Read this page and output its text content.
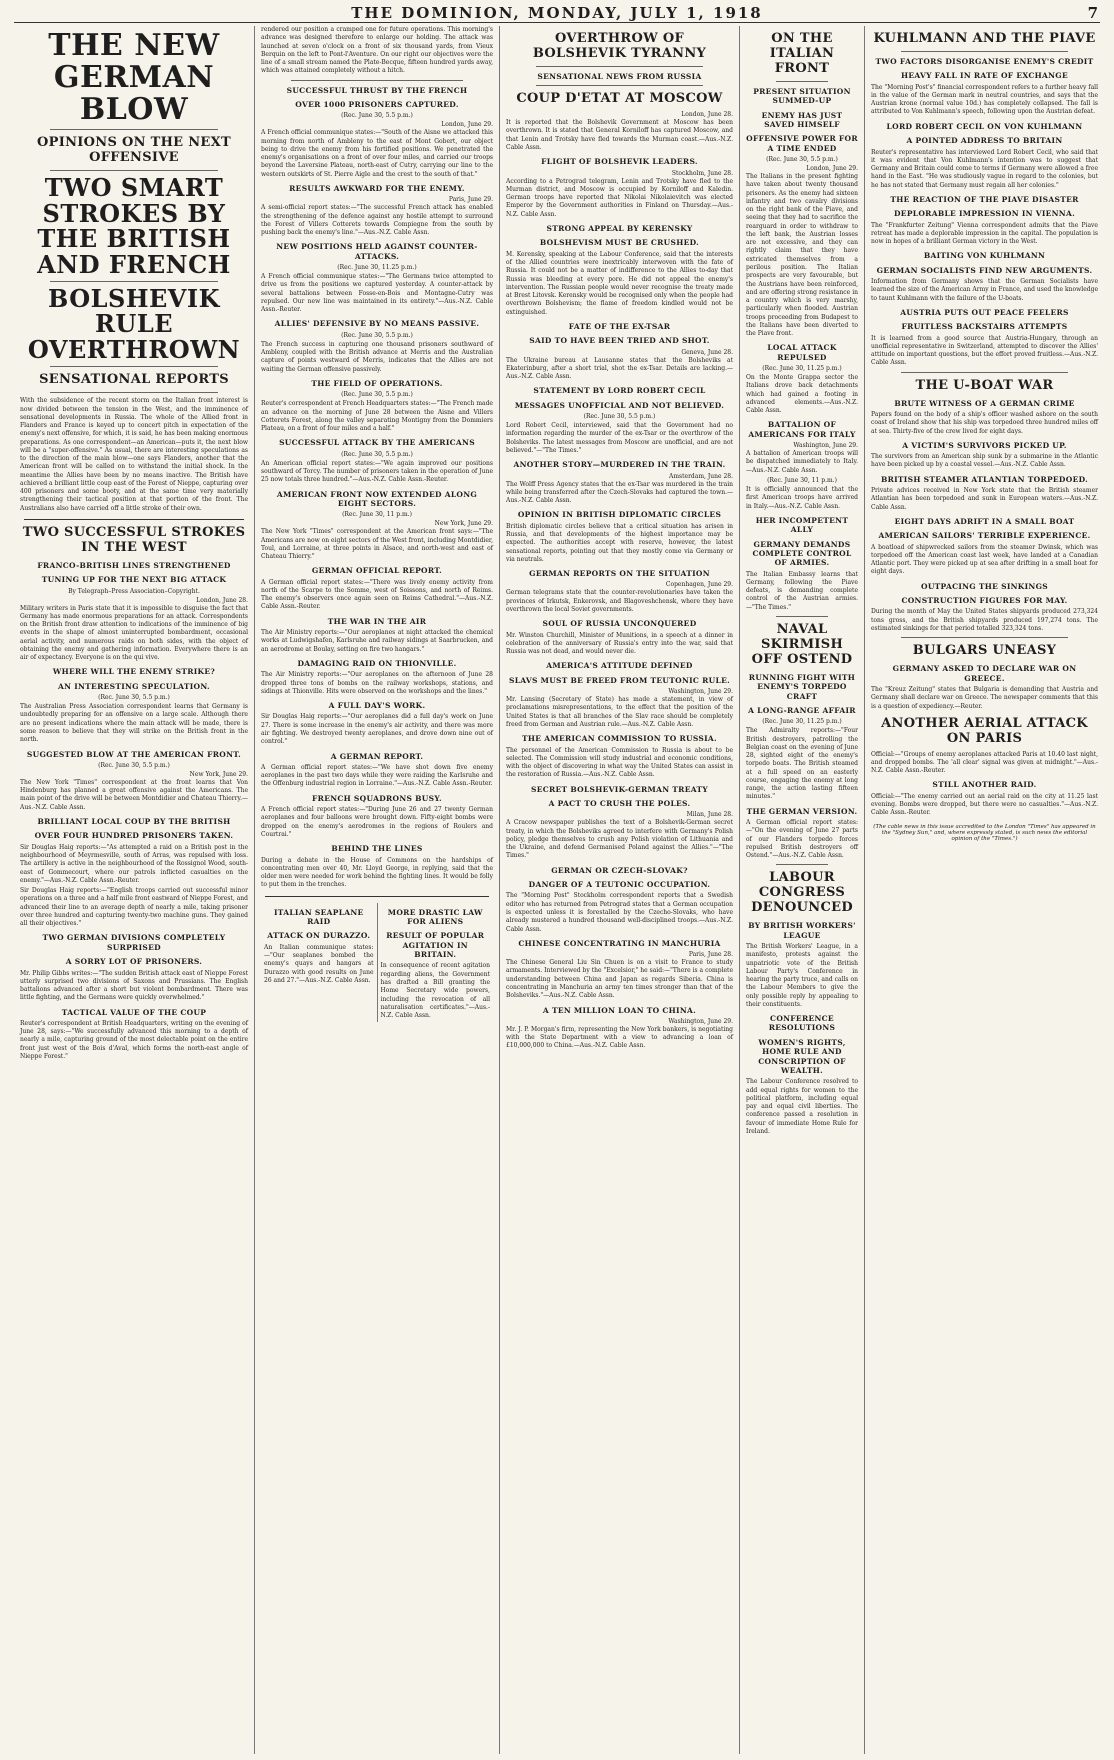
THE DOMINION, MONDAY, JULY 1, 1918	7
THE NEW GERMAN BLOW
OPINIONS ON THE NEXT OFFENSIVE
TWO SMART STROKES BY THE BRITISH AND FRENCH
BOLSHEVIK RULE OVERTHROWN
SENSATIONAL REPORTS

With the subsidence of the recent storm on the Italian front interest is now divided between the tension in the West, and the imminence of sensational developments in Russia. The whole of the Allied front in Flanders and France is keyed up to concert pitch in expectation of the enemy's next offensive, for which, it is said, he has been making enormous preparations. As one correspondent—an American—puts it, the next blow will be a "super-offensive." As usual, there are interesting speculations as to the direction of the main blow—one says Flanders, another that the American front will be called on to withstand the initial shock. In the meantime the Allies have been by no means inactive. The British have achieved a brilliant little coup east of the Forest of Nieppe, capturing over 400 prisoners and some booty, and at the same time very materially strengthening their tactical position at that portion of the front. The Australians also have carried off a little stroke of their own.

TWO SUCCESSFUL STROKES IN THE WEST
FRANCO-BRITISH LINES STRENGTHENED
TUNING UP FOR THE NEXT BIG ATTACK
By Telegraph–Press Association–Copyright.
London, June 28.

Military writers in Paris state that it is impossible to disguise the fact that Germany has made enormous preparations for an attack. Correspondents on the British front draw attention to indications of the imminence of big events in the shape of almost uninterrupted bombardment, occasional aerial activity, and numerous raids on both sides, with the object of obtaining the enemy and gathering information. Everywhere there is an air of expectancy. Everyone is on the qui vive.

WHERE WILL THE ENEMY STRIKE?
AN INTERESTING SPECULATION.
(Rec. June 30, 5.5 p.m.)

The Australian Press Association correspondent learns that Germany is undoubtedly preparing for an offensive on a large scale. Although there are no present indications where the main attack will be made, there is some reason to believe that they will strike on the British front in the north.

SUGGESTED BLOW AT THE AMERICAN FRONT.
(Rec. June 30, 5.5 p.m.)
New York, June 29.

The New York "Times" correspondent at the front learns that Von Hindenburg has planned a great offensive against the Americans. The main point of the drive will be between Montdidier and Chateau Thierry.—Aus.-N.Z. Cable Assn.

BRILLIANT LOCAL COUP BY THE BRITISH
OVER FOUR HUNDRED PRISONERS TAKEN.

Sir Douglas Haig reports:—"As attempted a raid on a British post in the neighbourhood of Meyrmesville, south of Arras, was repulsed with loss. The artillery is active in the neighbourhood of the Rossignol Wood, south-east of Gommecourt, where our patrols inflicted casualties on the enemy."—Aus.-N.Z. Cable Assn.-Reuter.

Sir Douglas Haig reports:—"English troops carried out successful minor operations on a three and a half mile front eastward of Nieppe Forest, and advanced their line to an average depth of nearly a mile, taking prisoner over three hundred and capturing twenty-two machine guns. They gained all their objectives."

TWO GERMAN DIVISIONS COMPLETELY SURPRISED
A SORRY LOT OF PRISONERS.

Mr. Philip Gibbs writes:—"The sudden British attack east of Nieppe Forest utterly surprised two divisions of Saxons and Prussians. The English battalions advanced after a short but violent bombardment. There was little fighting, and the Germans were quickly overwhelmed."

TACTICAL VALUE OF THE COUP

Reuter's correspondent at British Headquarters, writing on the evening of June 28, says:—"We successfully advanced this morning to a depth of nearly a mile, capturing ground of the most delectable point on the entire front just west of the Bois d'Aval, which forms the north-east angle of Nieppe Forest."

rendered our position a cramped one for future operations. This morning's advance was designed therefore to enlarge our holding. The attack was launched at seven o'clock on a front of six thousand yards, from Vieux Berquin on the left to Pont-l'Aventure. On our right our objectives were the line of a small stream named the Plate-Becque, fifteen hundred yards away, which was attained completely without a hitch.

SUCCESSFUL THRUST BY THE FRENCH
OVER 1000 PRISONERS CAPTURED.
(Rec. June 30, 5.5 p.m.)
London, June 29.

A French official communique states:—"South of the Aisne we attacked this morning from north of Ambleny to the east of Mont Gobert, our object being to drive the enemy from his fortified positions. We penetrated the enemy's organisations on a front of over four miles, and carried our troops beyond the Laversine Plateau, north-east of Cutry, carrying our line to the western outskirts of St. Pierre Aigle and the crest to the south of that."

RESULTS AWKWARD FOR THE ENEMY.
Paris, June 29.

A semi-official report states:—"The successful French attack has enabled the strengthening of the defence against any hostile attempt to surround the Forest of Villers Cotterets towards Compiegne from the south by pushing back the enemy's line."—Aus.-N.Z. Cable Assn.

NEW POSITIONS HELD AGAINST COUNTER-ATTACKS.
(Rec. June 30, 11.25 p.m.)

A French official communique states:—"The Germans twice attempted to drive us from the positions we captured yesterday. A counter-attack by several battalions between Fosse-en-Bois and Montagne-Cutry was repulsed. Our new line was maintained in its entirety."—Aus.-N.Z. Cable Assn.-Reuter.

ALLIES' DEFENSIVE BY NO MEANS PASSIVE.
(Rec. June 30, 5.5 p.m.)

The French success in capturing one thousand prisoners southward of Ambleny, coupled with the British advance at Merris and the Australian capture of points westward of Merris, indicates that the Allies are not waiting the German offensive passively.

THE FIELD OF OPERATIONS.
(Rec. June 30, 5.5 p.m.)

Reuter's correspondent at French Headquarters states:—"The French made an advance on the morning of June 28 between the Aisne and Villers Cotterets Forest, along the valley separating Montigny from the Dommiers Plateau, on a front of four miles and a half."

SUCCESSFUL ATTACK BY THE AMERICANS
(Rec. June 30, 5.5 p.m.)

An American official report states:—"We again improved our positions southward of Torcy. The number of prisoners taken in the operation of June 25 now totals three hundred."—Aus.-N.Z. Cable Assn.-Reuter.

AMERICAN FRONT NOW EXTENDED ALONG EIGHT SECTORS.
(Rec. June 30, 11 p.m.)
New York, June 29.

The New York "Times" correspondent at the American front says:—"The Americans are now on eight sectors of the West front, including Montdidier, Toul, and Lorraine, at three points in Alsace, and north-west and east of Chateau Thierry."

GERMAN OFFICIAL REPORT.

A German official report states:—"There was lively enemy activity from north of the Scarpe to the Somme, west of Soissons, and north of Reims. The enemy's observers once again seen on Reims Cathedral."—Aus.-N.Z. Cable Assn.-Reuter.

THE WAR IN THE AIR

The Air Ministry reports:—"Our aeroplanes at night attacked the chemical works at Ludwigshafen, Karlsruhe and railway sidings at Saarbrucken, and an aerodrome at Boulay, setting on fire two hangars."

DAMAGING RAID ON THIONVILLE.

The Air Ministry reports:—"Our aeroplanes on the afternoon of June 28 dropped three tons of bombs on the railway workshops, stations, and sidings at Thionville. Hits were observed on the workshops and the lines."

A FULL DAY'S WORK.

Sir Douglas Haig reports:—"Our aeroplanes did a full day's work on June 27. There is some increase in the enemy's air activity, and there was more air fighting. We destroyed twenty aeroplanes, and drove down nine out of control."

A GERMAN REPORT.

A German official report states:—"We have shot down five enemy aeroplanes in the past two days while they were raiding the Karlsruhe and the Offenburg industrial region in Lorraine."—Aus.-N.Z. Cable Assn.-Reuter.

FRENCH SQUADRONS BUSY.

A French official report states:—"During June 26 and 27 twenty German aeroplanes and four balloons were brought down. Fifty-eight bombs were dropped on the enemy's aerodromes in the regions of Roulers and Courtrai."

BEHIND THE LINES

During a debate in the House of Commons on the hardships of concentrating men over 40, Mr. Lloyd George, in replying, said that the older men were needed for work behind the fighting lines. It would be folly to put them in the trenches.

ITALIAN SEAPLANE RAID
ATTACK ON DURAZZO.

An Italian communique states:—"Our seaplanes bombed the enemy's quays and hangars at Durazzo with good results on June 26 and 27."—Aus.-N.Z. Cable Assn.

MORE DRASTIC LAW FOR ALIENS
RESULT OF POPULAR AGITATION IN BRITAIN.

In consequence of recent agitation regarding aliens, the Government has drafted a Bill granting the Home Secretary wide powers, including the revocation of all naturalisation certificates."—Aus.-N.Z. Cable Assn.

OVERTHROW OF BOLSHEVIK TYRANNY
SENSATIONAL NEWS FROM RUSSIA
COUP D'ETAT AT MOSCOW
London, June 28.

It is reported that the Bolshevik Government at Moscow has been overthrown. It is stated that General Korniloff has captured Moscow, and that Lenin and Trotsky have fled towards the Murman coast.—Aus.-N.Z. Cable Assn.

FLIGHT OF BOLSHEVIK LEADERS.
Stockholm, June 28.

According to a Petrograd telegram, Lenin and Trotsky have fled to the Murman district, and Moscow is occupied by Korniloff and Kaledin. German troops have reported that Nikolai Nikolaievitch was elected Emperor by the Government authorities in Finland on Thursday.—Aus.-N.Z. Cable Assn.

STRONG APPEAL BY KERENSKY
BOLSHEVISM MUST BE CRUSHED.

M. Kerensky, speaking at the Labour Conference, said that the interests of the Allied countries were inextricably interwoven with the fate of Russia. It could not be a matter of indifference to the Allies to-day that Russia was bleeding at every pore. He did not appeal the enemy's intervention. The Russian people would never recognise the treaty made at Brest Litovsk. Kerensky would be recognised only when the people had overthrown Bolshevism; the flame of freedom kindled would not be extinguished.

FATE OF THE EX-TSAR
SAID TO HAVE BEEN TRIED AND SHOT.
Geneva, June 28.

The Ukraine bureau at Lausanne states that the Bolsheviks at Ekaterinburg, after a short trial, shot the ex-Tsar. Details are lacking.—Aus.-N.Z. Cable Assn.

STATEMENT BY LORD ROBERT CECIL
MESSAGES UNOFFICIAL AND NOT BELIEVED.
(Rec. June 30, 5.5 p.m.)

Lord Robert Cecil, interviewed, said that the Government had no information regarding the murder of the ex-Tsar or the overthrow of the Bolsheviks. The latest messages from Moscow are unofficial, and are not believed."—"The Times."

ANOTHER STORY—MURDERED IN THE TRAIN.
Amsterdam, June 28.

The Wolff Press Agency states that the ex-Tsar was murdered in the train while being transferred after the Czech-Slovaks had captured the town.—Aus.-N.Z. Cable Assn.

OPINION IN BRITISH DIPLOMATIC CIRCLES

British diplomatic circles believe that a critical situation has arisen in Russia, and that developments of the highest importance may be expected. The authorities accept with reserve, however, the latest sensational reports, pointing out that they mostly come via Germany or via neutrals.

GERMAN REPORTS ON THE SITUATION
Copenhagen, June 29.

German telegrams state that the counter-revolutionaries have taken the provinces of Irkutsk, Enkerovsk, and Blagoveshchensk, where they have overthrown the local Soviet governments.

SOUL OF RUSSIA UNCONQUERED

Mr. Winston Churchill, Minister of Munitions, in a speech at a dinner in celebration of the anniversary of Russia's entry into the war, said that Russia was not dead, and would never die.

AMERICA'S ATTITUDE DEFINED
SLAVS MUST BE FREED FROM TEUTONIC RULE.
Washington, June 29.

Mr. Lansing (Secretary of State) has made a statement, in view of proclamations misrepresentations, to the effect that the position of the United States is that all branches of the Slav race should be completely freed from German and Austrian rule.—Aus.-N.Z. Cable Assn.

THE AMERICAN COMMISSION TO RUSSIA.

The personnel of the American Commission to Russia is about to be selected. The Commission will study industrial and economic conditions, with the object of discovering in what way the United States can assist in the restoration of Russia.—Aus.-N.Z. Cable Assn.

SECRET BOLSHEVIK-GERMAN TREATY
A PACT TO CRUSH THE POLES.
Milan, June 28.

A Cracow newspaper publishes the text of a Bolshevik-German secret treaty, in which the Bolsheviks agreed to interfere with Germany's Polish policy, pledge themselves to crush any Polish violation of Lithuania and the Ukraine, and defend Germanised Poland against the Allies."—"The Times."

GERMAN OR CZECH-SLOVAK?
DANGER OF A TEUTONIC OCCUPATION.

The "Morning Post" Stockholm correspondent reports that a Swedish editor who has returned from Petrograd states that a German occupation is expected unless it is forestalled by the Czecho-Slovaks, who have already mustered a hundred thousand well-disciplined troops.—Aus.-N.Z. Cable Assn.

CHINESE CONCENTRATING IN MANCHURIA
Paris, June 28.

The Chinese General Liu Sin Chuen is on a visit to France to study armaments. Interviewed by the "Excelsior," he said:—"There is a complete understanding between China and Japan as regards Siberia. China is concentrating in Manchuria an army ten times stronger than that of the Bolsheviks."—Aus.-N.Z. Cable Assn.

A TEN MILLION LOAN TO CHINA.
Washington, June 29.

Mr. J. P. Morgan's firm, representing the New York bankers, is negotiating with the State Department with a view to advancing a loan of £10,000,000 to China.—Aus.-N.Z. Cable Assn.

ON THE ITALIAN FRONT
PRESENT SITUATION SUMMED-UP
ENEMY HAS JUST SAVED HIMSELF
OFFENSIVE POWER FOR A TIME ENDED
(Rec. June 30, 5.5 p.m.)
London, June 29.

The Italians in the present fighting have taken about twenty thousand prisoners. As the enemy had sixteen infantry and two cavalry divisions on the right bank of the Piave, and seeing that they had to sacrifice the rearguard in order to withdraw to the left bank, the Austrian losses are not excessive, and they can rightly claim that they have extricated themselves from a perilous position. The Italian prospects are very favourable, but the Austrians have been reinforced, and are offering strong resistance in a country which is very marshy, particularly when flooded. Austrian troops proceeding from Budapest to the Italians have been diverted to the Piave front.

LOCAL ATTACK REPULSED
(Rec. June 30, 11.25 p.m.)

On the Monte Grappa sector the Italians drove back detachments which had gained a footing in advanced elements.—Aus.-N.Z. Cable Assn.

BATTALION OF AMERICANS FOR ITALY
Washington, June 29.

A battalion of American troops will be dispatched immediately to Italy.—Aus.-N.Z. Cable Assn.

(Rec. June 30, 11 p.m.)

It is officially announced that the first American troops have arrived in Italy.—Aus.-N.Z. Cable Assn.

HER INCOMPETENT ALLY
GERMANY DEMANDS COMPLETE CONTROL OF ARMIES.

The Italian Embassy learns that Germany, following the Piave defeats, is demanding complete control of the Austrian armies.—"The Times."

NAVAL SKIRMISH OFF OSTEND
RUNNING FIGHT WITH ENEMY'S TORPEDO CRAFT
A LONG-RANGE AFFAIR
(Rec. June 30, 11.25 p.m.)

The Admiralty reports:—"Four British destroyers, patrolling the Belgian coast on the evening of June 28, sighted eight of the enemy's torpedo boats. The British steamed at a full speed on an easterly course, engaging the enemy at long range, the action lasting fifteen minutes."

THE GERMAN VERSION.

A German official report states:—"On the evening of June 27 parts of our Flanders torpedo forces repulsed British destroyers off Ostend."—Aus.-N.Z. Cable Assn.

LABOUR CONGRESS DENOUNCED
BY BRITISH WORKERS' LEAGUE

The British Workers' League, in a manifesto, protests against the unpatriotic vote of the British Labour Party's Conference in hearing the party truce, and calls on the Labour Members to give the only possible reply by appealing to their constituents.

CONFERENCE RESOLUTIONS
WOMEN'S RIGHTS, HOME RULE AND CONSCRIPTION OF WEALTH.

The Labour Conference resolved to add equal rights for women to the political platform, including equal pay and equal civil liberties. The conference passed a resolution in favour of immediate Home Rule for Ireland.

KUHLMANN AND THE PIAVE
TWO FACTORS DISORGANISE ENEMY'S CREDIT
HEAVY FALL IN RATE OF EXCHANGE

The "Morning Post's" financial correspondent refers to a further heavy fall in the value of the German mark in neutral countries, and says that the Austrian krone (normal value 10d.) has completely collapsed. The fall is attributed to Von Kuhlmann's speech, following upon the Austrian defeat.

LORD ROBERT CECIL ON VON KUHLMANN
A POINTED ADDRESS TO BRITAIN

Reuter's representative has interviewed Lord Robert Cecil, who said that it was evident that Von Kuhlmann's intention was to suggest that Germany and Britain could come to terms if Germany were allowed a free hand in the East. "He was studiously vague in regard to the colonies, but he has not stated that Germany must regain all her colonies."

THE REACTION OF THE PIAVE DISASTER
DEPLORABLE IMPRESSION IN VIENNA.

The "Frankfurter Zeitung" Vienna correspondent admits that the Piave retreat has made a deplorable impression in the capital. The population is now in hopes of a brilliant German victory in the West.

BAITING VON KUHLMANN
GERMAN SOCIALISTS FIND NEW ARGUMENTS.

Information from Germany shows that the German Socialists have learned the size of the American Army in France, and used the knowledge to taunt Kuhlmann with the failure of the U-boats.

AUSTRIA PUTS OUT PEACE FEELERS
FRUITLESS BACKSTAIRS ATTEMPTS

It is learned from a good source that Austria-Hungary, through an unofficial representative in Switzerland, attempted to discover the Allies' attitude on important questions, but the effort proved fruitless.—Aus.-N.Z. Cable Assn.

THE U-BOAT WAR
BRUTE WITNESS OF A GERMAN CRIME

Papers found on the body of a ship's officer washed ashore on the south coast of Ireland show that his ship was torpedoed three hundred miles off at sea. Thirty-five of the crew lived for eight days.

A VICTIM'S SURVIVORS PICKED UP.

The survivors from an American ship sunk by a submarine in the Atlantic have been picked up by a coastal vessel.—Aus.-N.Z. Cable Assn.

BRITISH STEAMER ATLANTIAN TORPEDOED.

Private advices received in New York state that the British steamer Atlantian has been torpedoed and sunk in European waters.—Aus.-N.Z. Cable Assn.

EIGHT DAYS ADRIFT IN A SMALL BOAT
AMERICAN SAILORS' TERRIBLE EXPERIENCE.

A boatload of shipwrecked sailors from the steamer Dwinsk, which was torpedoed off the American coast last week, have landed at a Canadian Atlantic port. They were picked up at sea after drifting in a small boat for eight days.

OUTPACING THE SINKINGS
CONSTRUCTION FIGURES FOR MAY.

During the month of May the United States shipyards produced 273,324 tons gross, and the British shipyards produced 197,274 tons. The estimated sinkings for that period totalled 323,324 tons.

BULGARS UNEASY
GERMANY ASKED TO DECLARE WAR ON GREECE.

The "Kreuz Zeitung" states that Bulgaria is demanding that Austria and Germany shall declare war on Greece. The newspaper comments that this is a question of expediency.—Reuter.

ANOTHER AERIAL ATTACK ON PARIS

Official:—"Groups of enemy aeroplanes attacked Paris at 10.40 last night, and dropped bombs. The 'all clear' signal was given at midnight."—Aus.-N.Z. Cable Assn.-Reuter.

STILL ANOTHER RAID.

Official:—"The enemy carried out an aerial raid on the city at 11.25 last evening. Bombs were dropped, but there were no casualties."—Aus.-N.Z. Cable Assn.-Reuter.

(The cable news in this issue accredited to the London "Times" has appeared in the "Sydney Sun," and, where expressly stated, is such news the editorial opinion of the "Times.")
